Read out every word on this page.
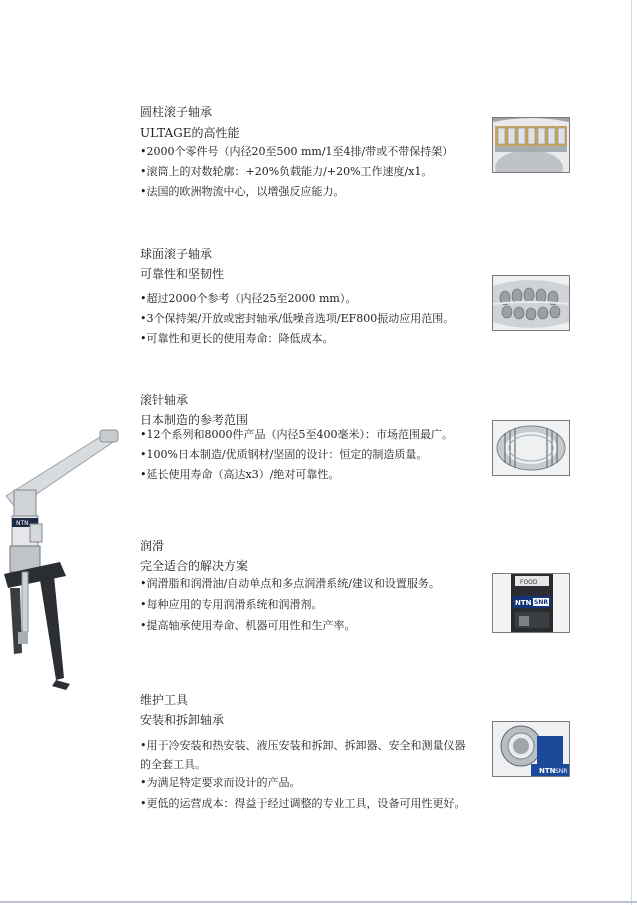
NTN

圆柱滚子轴承

ULTAGE的高性能

•2000个零件号（内径20至500 mm/1至4排/带或不带保持架）
•滚筒上的对数轮廓：+20%负载能力/+20%工作速度/x1。
•法国的欧洲物流中心，以增强反应能力。

球面滚子轴承

可靠性和坚韧性

•超过2000个参考（内径25至2000 mm）。
•3个保持架/开放或密封轴承/低噪音选项/EF800振动应用范围。
•可靠性和更长的使用寿命：降低成本。

滚针轴承

日本制造的参考范围

•12个系列和8000件产品（内径5至400毫米）：市场范围最广。
•100%日本制造/优质钢材/坚固的设计：恒定的制造质量。
•延长使用寿命（高达x3）/绝对可靠性。

润滑

完全适合的解决方案

•润滑脂和润滑油/自动单点和多点润滑系统/建议和设置服务。
•每种应用的专用润滑系统和润滑剂。
•提高轴承使用寿命、机器可用性和生产率。
FOOD
NTN SNR

维护工具

安装和拆卸轴承

•用于冷安装和热安装、液压安装和拆卸、拆卸器、安全和测量仪器的全套工具。
•为满足特定要求而设计的产品。
•更低的运营成本：得益于经过调整的专业工具，设备可用性更好。
NTN SNR
